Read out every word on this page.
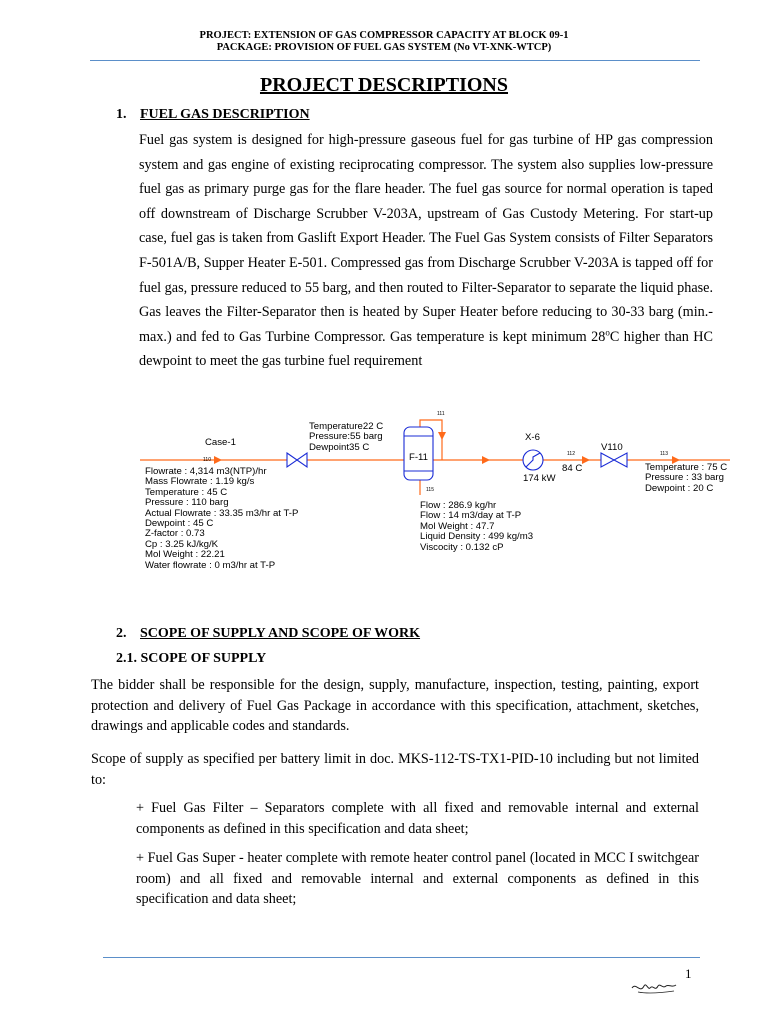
PROJECT: EXTENSION OF GAS COMPRESSOR CAPACITY AT BLOCK 09-1
PACKAGE: PROVISION OF FUEL GAS SYSTEM (No VT-XNK-WTCP)
PROJECT DESCRIPTIONS
1. FUEL GAS DESCRIPTION
Fuel gas system is designed for high-pressure gaseous fuel for gas turbine of HP gas compression system and gas engine of existing reciprocating compressor. The system also supplies low-pressure fuel gas as primary purge gas for the flare header. The fuel gas source for normal operation is taped off downstream of Discharge Scrubber V-203A, upstream of Gas Custody Metering. For start-up case, fuel gas is taken from Gaslift Export Header. The Fuel Gas System consists of Filter Separators F-501A/B, Supper Heater E-501. Compressed gas from Discharge Scrubber V-203A is tapped off for fuel gas, pressure reduced to 55 barg, and then routed to Filter-Separator to separate the liquid phase. Gas leaves the Filter-Separator then is heated by Super Heater before reducing to 30-33 barg (min.-max.) and fed to Gas Turbine Compressor. Gas temperature is kept minimum 28$^o$C higher than HC dewpoint to meet the gas turbine fuel requirement
Case-1
110
111
112	113
115
F-11
X-6
174 kW
84 C
V110
Temperature22 C
Pressure:55 barg
Dewpoint35 C
Flowrate : 4,314 m3(NTP)/hr
Mass Flowrate : 1.19 kg/s
Temperature : 45 C
Pressure : 110 barg
Actual Flowrate : 33.35 m3/hr at T-P
Dewpoint : 45 C
Z-factor : 0.73
Cp : 3.25 kJ/kg/K
Mol Weight : 22.21
Water flowrate : 0 m3/hr at T-P
Flow : 286.9 kg/hr
Flow : 14 m3/day at T-P
Mol Weight : 47.7
Liquid Density : 499 kg/m3
Viscocity : 0.132 cP
Temperature : 75 C
Pressure : 33 barg
Dewpoint : 20 C
2. SCOPE OF SUPPLY AND SCOPE OF WORK
2.1. SCOPE OF SUPPLY
The bidder shall be responsible for the design, supply, manufacture, inspection, testing, painting, export protection and delivery of Fuel Gas Package in accordance with this specification, attachment, sketches, drawings and applicable codes and standards.
Scope of supply as specified per battery limit in doc. MKS-112-TS-TX1-PID-10 including but not limited to:
+ Fuel Gas Filter – Separators complete with all fixed and removable internal and external components as defined in this specification and data sheet;
+ Fuel Gas Super - heater complete with remote heater control panel (located in MCC I switchgear room) and all fixed and removable internal and external components as defined in this specification and data sheet;
1
